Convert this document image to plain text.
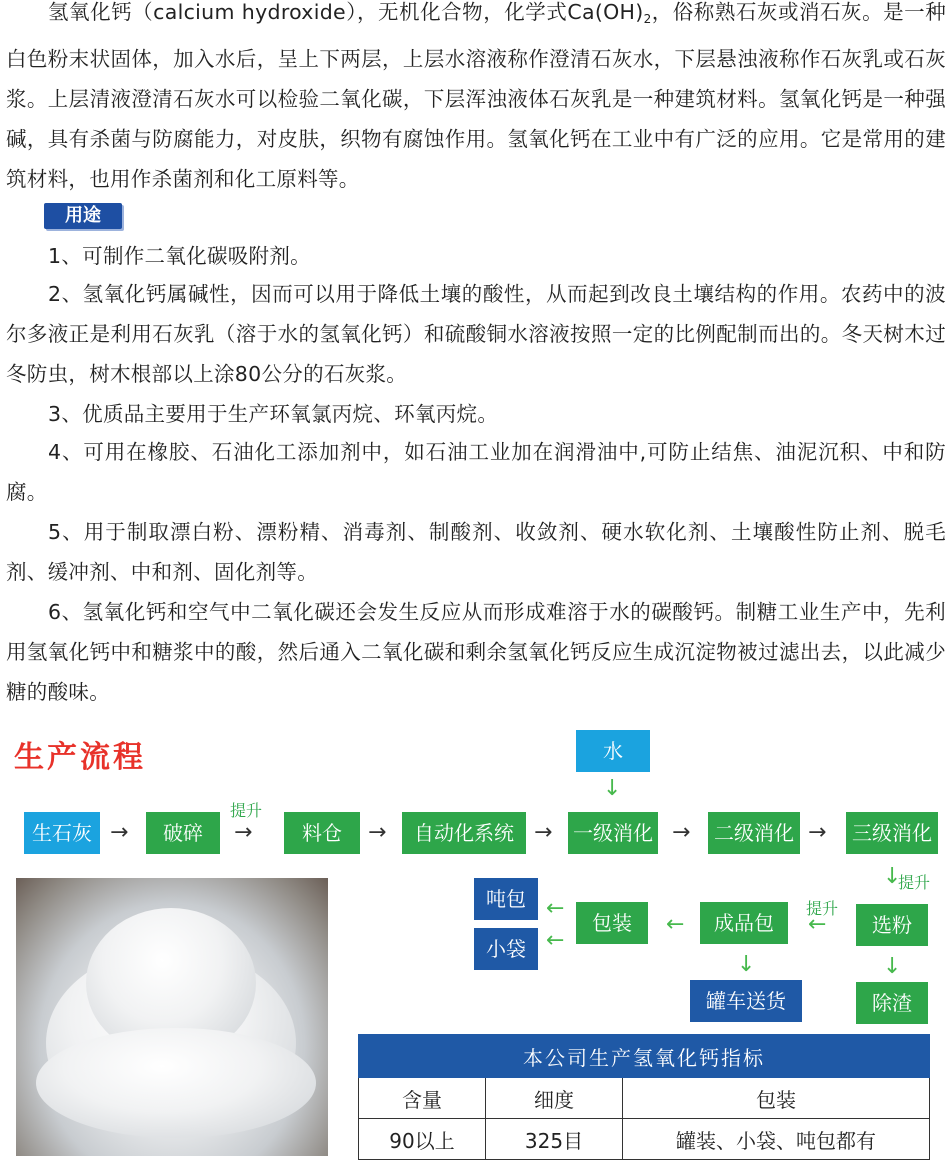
氢氧化钙（calcium hydroxide），无机化合物，化学式Ca(OH)2，俗称熟石灰或消石灰。是一种白色粉末状固体，加入水后，呈上下两层，上层水溶液称作澄清石灰水，下层悬浊液称作石灰乳或石灰浆。上层清液澄清石灰水可以检验二氧化碳，下层浑浊液体石灰乳是一种建筑材料。氢氧化钙是一种强碱，具有杀菌与防腐能力，对皮肤，织物有腐蚀作用。氢氧化钙在工业中有广泛的应用。它是常用的建筑材料，也用作杀菌剂和化工原料等。

用途

1、可制作二氧化碳吸附剂。

2、氢氧化钙属碱性，因而可以用于降低土壤的酸性，从而起到改良土壤结构的作用。农药中的波尔多液正是利用石灰乳（溶于水的氢氧化钙）和硫酸铜水溶液按照一定的比例配制而出的。冬天树木过冬防虫，树木根部以上涂80公分的石灰浆。

3、优质品主要用于生产环氧氯丙烷、环氧丙烷。

4、可用在橡胶、石油化工添加剂中，如石油工业加在润滑油中,可防止结焦、油泥沉积、中和防腐。

5、用于制取漂白粉、漂粉精、消毒剂、制酸剂、收敛剂、硬水软化剂、土壤酸性防止剂、脱毛剂、缓冲剂、中和剂、固化剂等。

6、氢氧化钙和空气中二氧化碳还会发生反应从而形成难溶于水的碳酸钙。制糖工业生产中，先利用氢氧化钙中和糖浆中的酸，然后通入二氧化碳和剩余氢氧化钙反应生成沉淀物被过滤出去，以此减少糖的酸味。

生产流程	水
↓
生石灰 →	破碎
提升
→	料仓	→	自动化系统 → 一级消化 →	二级消化 →	三级消化
↓
提升
选粉
↓
除渣
提升
←
成品包
↓
罐车送货
←
包装
←
←
吨包
小袋
本公司生产氢氧化钙指标		
含量	细度	包装
90以上	325目	罐装、小袋、吨包都有
